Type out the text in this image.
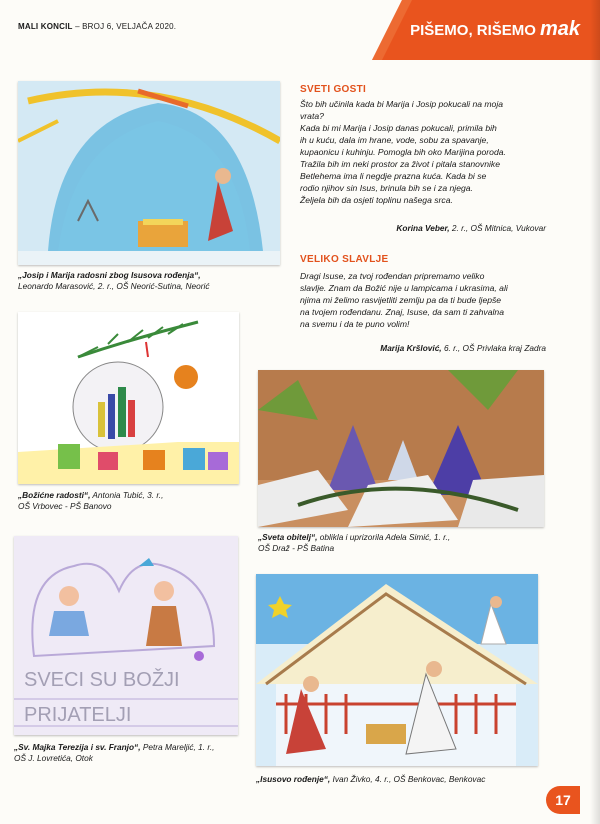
MALI KONCIL – BROJ 6, VELJAČA 2020.	PIŠEMO, RIŠEMO mak
„Josip i Marija radosni zbog Isusova rođenja“,
Leonardo Marasović, 2. r., OŠ Neorić-Sutina, Neorić
„Božićne radosti“, Antonia Tubić, 3. r.,
OŠ Vrbovec - PŠ Banovo
SVETI GOSTI
Što bih učinila kada bi Marija i Josip pokucali na moja
vrata?
Kada bi mi Marija i Josip danas pokucali, primila bih
ih u kuću, dala im hrane, vode, sobu za spavanje,
kupaonicu i kuhinju. Pomogla bih oko Marijina poroda.
Tražila bih im neki prostor za život i pitala stanovnike
Betlehema ima li negdje prazna kuća. Kada bi se
rodio njihov sin Isus, brinula bih se i za njega.
Željela bih da osjeti toplinu našega srca.
Korina Veber, 2. r., OŠ Mitnica, Vukovar
VELIKO SLAVLJE
Dragi Isuse, za tvoj rođendan pripremamo veliko
slavlje. Znam da Božić nije u lampicama i ukrasima, ali
njima mi želimo rasvijetliti zemlju pa da ti bude ljepše
na tvojem rođendanu. Znaj, Isuse, da sam ti zahvalna
na svemu i da te puno volim!
Marija Kršlović, 6. r., OŠ Privlaka kraj Zadra
„Sveta obitelj“, oblikla i uprizorila Adela Simić, 1. r.,
OŠ Draž - PŠ Batina
SVECI SU BOŽJI
PRIJATELJI
„Sv. Majka Terezija i sv. Franjo“, Petra Marelјić, 1. r.,
OŠ J. Lovretića, Otok
„Isusovo rođenje“, Ivan Živko, 4. r., OŠ Benkovac, Benkovac
17
